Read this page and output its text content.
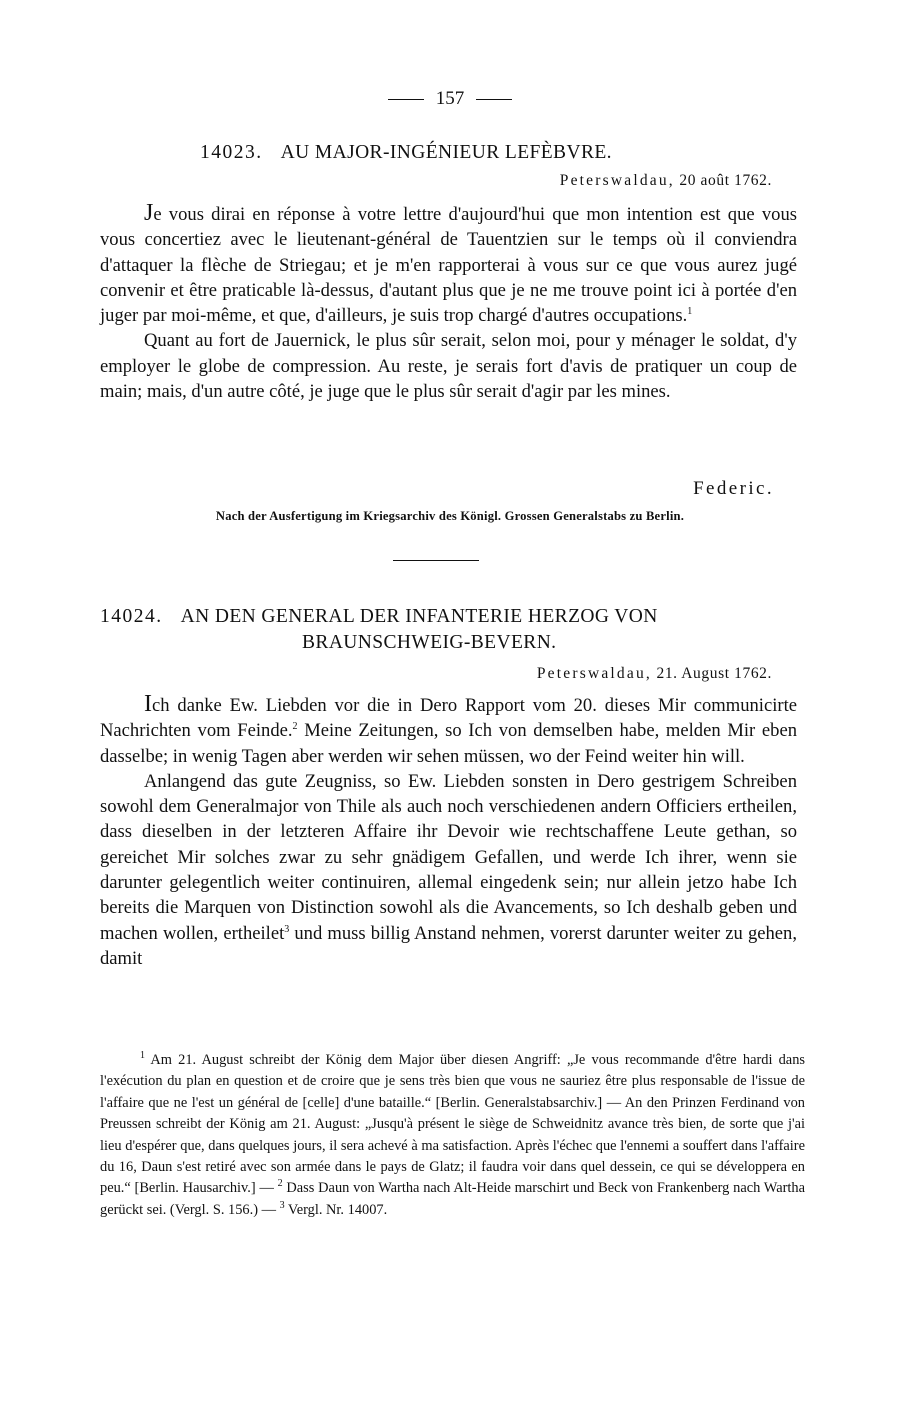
157
14023. AU MAJOR-INGÉNIEUR LEFÈBVRE.
Peterswaldau, 20 août 1762.

Je vous dirai en réponse à votre lettre d'aujourd'hui que mon intention est que vous vous concertiez avec le lieutenant-général de Tauentzien sur le temps où il conviendra d'attaquer la flèche de Striegau; et je m'en rapporterai à vous sur ce que vous aurez jugé convenir et être praticable là-dessus, d'autant plus que je ne me trouve point ici à portée d'en juger par moi-même, et que, d'ailleurs, je suis trop chargé d'autres occupations.$^1$

Quant au fort de Jauernick, le plus sûr serait, selon moi, pour y ménager le soldat, d'y employer le globe de compression. Au reste, je serais fort d'avis de pratiquer un coup de main; mais, d'un autre côté, je juge que le plus sûr serait d'agir par les mines.

Federic.
Nach der Ausfertigung im Kriegsarchiv des Königl. Grossen Generalstabs zu Berlin.
14024. AN DEN GENERAL DER INFANTERIE HERZOG VON
BRAUNSCHWEIG-BEVERN.
Peterswaldau, 21. August 1762.

Ich danke Ew. Liebden vor die in Dero Rapport vom 20. dieses Mir communicirte Nachrichten vom Feinde.$^2$ Meine Zeitungen, so Ich von demselben habe, melden Mir eben dasselbe; in wenig Tagen aber werden wir sehen müssen, wo der Feind weiter hin will.

Anlangend das gute Zeugniss, so Ew. Liebden sonsten in Dero gestrigem Schreiben sowohl dem Generalmajor von Thile als auch noch verschiedenen andern Officiers ertheilen, dass dieselben in der letzteren Affaire ihr Devoir wie rechtschaffene Leute gethan, so gereichet Mir solches zwar zu sehr gnädigem Gefallen, und werde Ich ihrer, wenn sie darunter gelegentlich weiter continuiren, allemal eingedenk sein; nur allein jetzo habe Ich bereits die Marquen von Distinction sowohl als die Avancements, so Ich deshalb geben und machen wollen, ertheilet$^3$ und muss billig Anstand nehmen, vorerst darunter weiter zu gehen, damit

$^1$ Am 21. August schreibt der König dem Major über diesen Angriff: „Je vous recommande d'être hardi dans l'exécution du plan en question et de croire que je sens très bien que vous ne sauriez être plus responsable de l'issue de l'affaire que ne l'est un général de [celle] d'une bataille.“ [Berlin. Generalstabsarchiv.] — An den Prinzen Ferdinand von Preussen schreibt der König am 21. August: „Jusqu'à présent le siège de Schweidnitz avance très bien, de sorte que j'ai lieu d'espérer que, dans quelques jours, il sera achevé à ma satisfaction. Après l'échec que l'ennemi a souffert dans l'affaire du 16, Daun s'est retiré avec son armée dans le pays de Glatz; il faudra voir dans quel dessein, ce qui se développera en peu.“ [Berlin. Hausarchiv.] — $^2$ Dass Daun von Wartha nach Alt-Heide marschirt und Beck von Frankenberg nach Wartha gerückt sei. (Vergl. S. 156.) — $^3$ Vergl. Nr. 14007.
